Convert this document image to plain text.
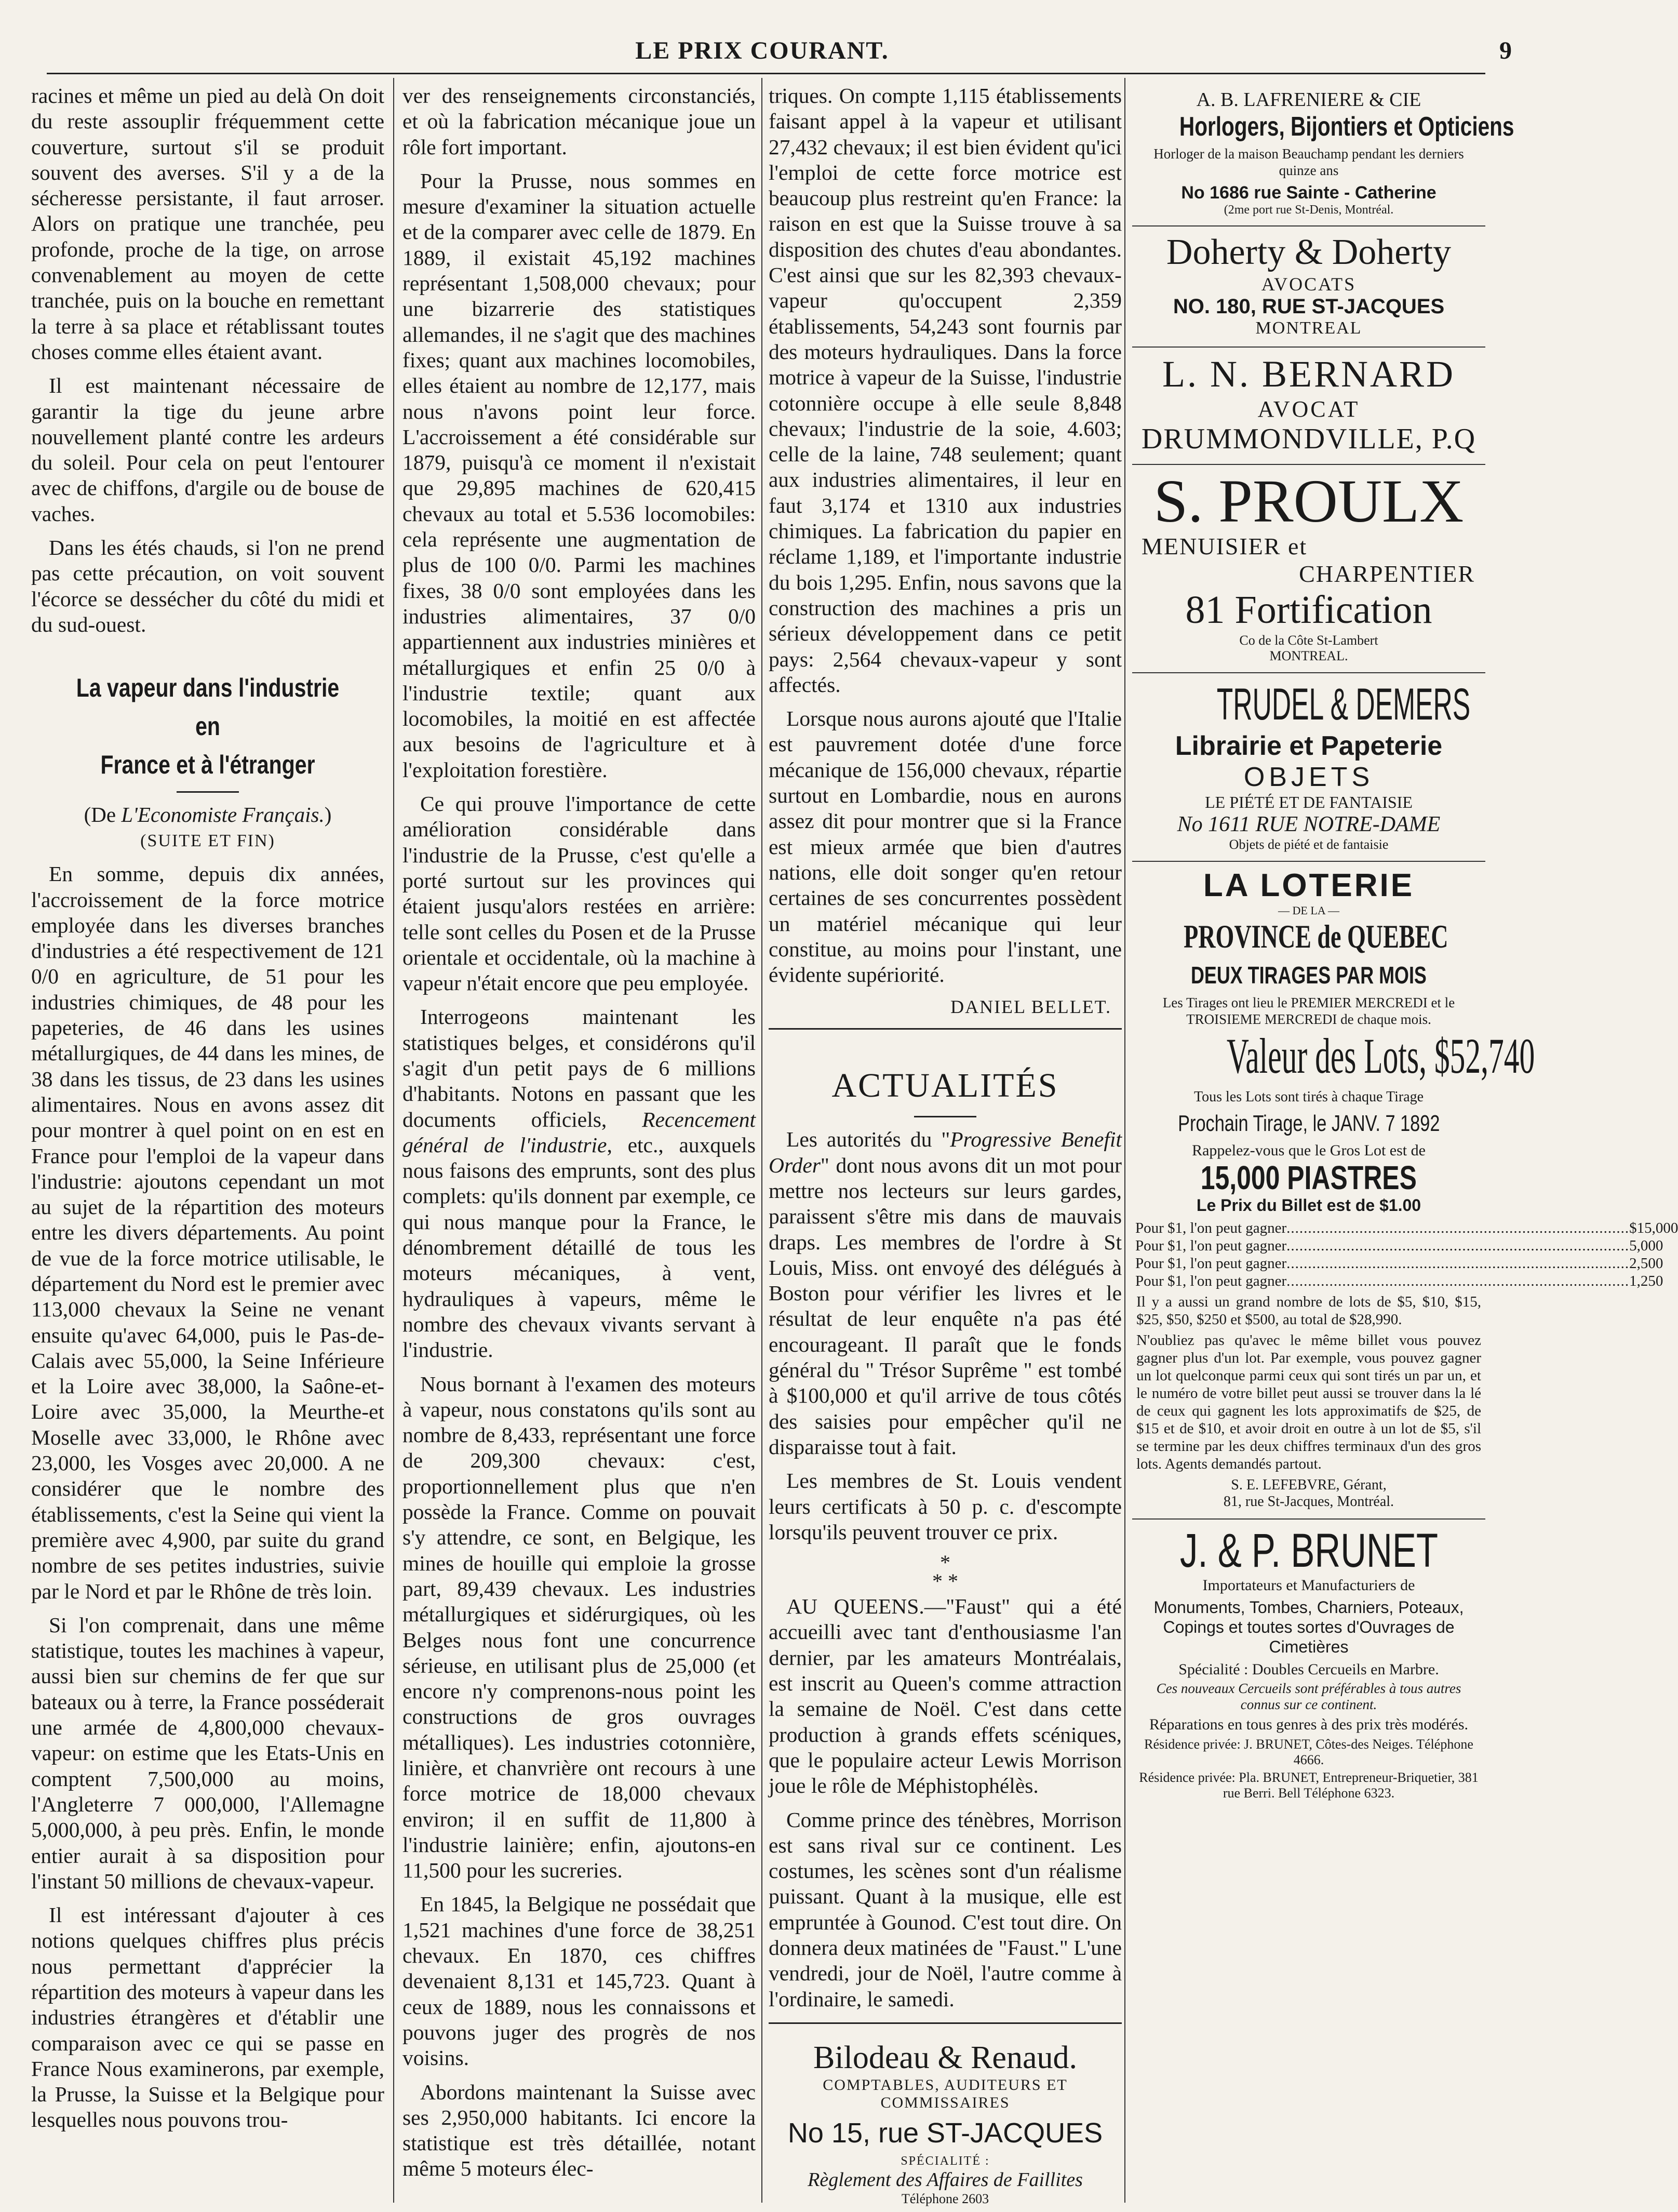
LE PRIX COURANT.	9

racines et même un pied au delà On doit du reste assouplir fréquemment cette couverture, surtout s'il se produit souvent des averses. S'il y a de la sécheresse persistante, il faut arroser. Alors on pratique une tranchée, peu profonde, proche de la tige, on arrose convenablement au moyen de cette tranchée, puis on la bouche en remettant la terre à sa place et rétablissant toutes choses comme elles étaient avant.

Il est maintenant nécessaire de garantir la tige du jeune arbre nouvellement planté contre les ardeurs du soleil. Pour cela on peut l'entourer avec de chiffons, d'argile ou de bouse de vaches.

Dans les étés chauds, si l'on ne prend pas cette précaution, on voit souvent l'écorce se dessécher du côté du midi et du sud-ouest.

La vapeur dans l'industrie en
France et à l'étranger
(De L'Economiste Français.)
(SUITE ET FIN)

En somme, depuis dix années, l'accroissement de la force motrice employée dans les diverses branches d'industries a été respectivement de 121 0/0 en agriculture, de 51 pour les industries chimiques, de 48 pour les papeteries, de 46 dans les usines métallurgiques, de 44 dans les mines, de 38 dans les tissus, de 23 dans les usines alimentaires. Nous en avons assez dit pour montrer à quel point on en est en France pour l'emploi de la vapeur dans l'industrie: ajoutons cependant un mot au sujet de la répartition des moteurs entre les divers départements. Au point de vue de la force motrice utilisable, le département du Nord est le premier avec 113,000 chevaux la Seine ne venant ensuite qu'avec 64,000, puis le Pas-de-Calais avec 55,000, la Seine Inférieure et la Loire avec 38,000, la Saône-et-Loire avec 35,000, la Meurthe-et Moselle avec 33,000, le Rhône avec 23,000, les Vosges avec 20,000. A ne considérer que le nombre des établissements, c'est la Seine qui vient la première avec 4,900, par suite du grand nombre de ses petites industries, suivie par le Nord et par le Rhône de très loin.

Si l'on comprenait, dans une même statistique, toutes les machines à vapeur, aussi bien sur chemins de fer que sur bateaux ou à terre, la France posséderait une armée de 4,800,000 chevaux-vapeur: on estime que les Etats-Unis en comptent 7,500,000 au moins, l'Angleterre 7 000,000, l'Allemagne 5,000,000, à peu près. Enfin, le monde entier aurait à sa disposition pour l'instant 50 millions de chevaux-vapeur.

Il est intéressant d'ajouter à ces notions quelques chiffres plus précis nous permettant d'apprécier la répartition des moteurs à vapeur dans les industries étrangères et d'établir une comparaison avec ce qui se passe en France Nous examinerons, par exemple, la Prusse, la Suisse et la Belgique pour lesquelles nous pouvons trou-

ver des renseignements circonstanciés, et où la fabrication mécanique joue un rôle fort important.

Pour la Prusse, nous sommes en mesure d'examiner la situation actuelle et de la comparer avec celle de 1879. En 1889, il existait 45,192 machines représentant 1,508,000 chevaux; pour une bizarrerie des statistiques allemandes, il ne s'agit que des machines fixes; quant aux machines locomobiles, elles étaient au nombre de 12,177, mais nous n'avons point leur force. L'accroissement a été considérable sur 1879, puisqu'à ce moment il n'existait que 29,895 machines de 620,415 chevaux au total et 5.536 locomobiles: cela représente une augmentation de plus de 100 0/0. Parmi les machines fixes, 38 0/0 sont employées dans les industries alimentaires, 37 0/0 appartiennent aux industries minières et métallurgiques et enfin 25 0/0 à l'industrie textile; quant aux locomobiles, la moitié en est affectée aux besoins de l'agriculture et à l'exploitation forestière.

Ce qui prouve l'importance de cette amélioration considérable dans l'industrie de la Prusse, c'est qu'elle a porté surtout sur les provinces qui étaient jusqu'alors restées en arrière: telle sont celles du Posen et de la Prusse orientale et occidentale, où la machine à vapeur n'était encore que peu employée.

Interrogeons maintenant les statistiques belges, et considérons qu'il s'agit d'un petit pays de 6 millions d'habitants. Notons en passant que les documents officiels, Recencement général de l'industrie, etc., auxquels nous faisons des emprunts, sont des plus complets: qu'ils donnent par exemple, ce qui nous manque pour la France, le dénombrement détaillé de tous les moteurs mécaniques, à vent, hydrauliques à vapeurs, même le nombre des chevaux vivants servant à l'industrie.

Nous bornant à l'examen des moteurs à vapeur, nous constatons qu'ils sont au nombre de 8,433, représentant une force de 209,300 chevaux: c'est, proportionnellement plus que n'en possède la France. Comme on pouvait s'y attendre, ce sont, en Belgique, les mines de houille qui emploie la grosse part, 89,439 chevaux. Les industries métallurgiques et sidérurgiques, où les Belges nous font une concurrence sérieuse, en utilisant plus de 25,000 (et encore n'y comprenons-nous point les constructions de gros ouvrages métalliques). Les industries cotonnière, linière, et chanvrière ont recours à une force motrice de 18,000 chevaux environ; il en suffit de 11,800 à l'industrie lainière; enfin, ajoutons-en 11,500 pour les sucreries.

En 1845, la Belgique ne possédait que 1,521 machines d'une force de 38,251 chevaux. En 1870, ces chiffres devenaient 8,131 et 145,723. Quant à ceux de 1889, nous les connaissons et pouvons juger des progrès de nos voisins.

Abordons maintenant la Suisse avec ses 2,950,000 habitants. Ici encore la statistique est très détaillée, notant même 5 moteurs élec-

triques. On compte 1,115 établissements faisant appel à la vapeur et utilisant 27,432 chevaux; il est bien évident qu'ici l'emploi de cette force motrice est beaucoup plus restreint qu'en France: la raison en est que la Suisse trouve à sa disposition des chutes d'eau abondantes. C'est ainsi que sur les 82,393 chevaux-vapeur qu'occupent 2,359 établissements, 54,243 sont fournis par des moteurs hydrauliques. Dans la force motrice à vapeur de la Suisse, l'industrie cotonnière occupe à elle seule 8,848 chevaux; l'industrie de la soie, 4.603; celle de la laine, 748 seulement; quant aux industries alimentaires, il leur en faut 3,174 et 1310 aux industries chimiques. La fabrication du papier en réclame 1,189, et l'importante industrie du bois 1,295. Enfin, nous savons que la construction des machines a pris un sérieux développement dans ce petit pays: 2,564 chevaux-vapeur y sont affectés.

Lorsque nous aurons ajouté que l'Italie est pauvrement dotée d'une force mécanique de 156,000 chevaux, répartie surtout en Lombardie, nous en aurons assez dit pour montrer que si la France est mieux armée que bien d'autres nations, elle doit songer qu'en retour certaines de ses concurrentes possèdent un matériel mécanique qui leur constitue, au moins pour l'instant, une évidente supériorité.

DANIEL BELLET.
ACTUALITÉS

Les autorités du "Progressive Benefit Order" dont nous avons dit un mot pour mettre nos lecteurs sur leurs gardes, paraissent s'être mis dans de mauvais draps. Les membres de l'ordre à St Louis, Miss. ont envoyé des délégués à Boston pour vérifier les livres et le résultat de leur enquête n'a pas été encourageant. Il paraît que le fonds général du " Trésor Suprême " est tombé à $100,000 et qu'il arrive de tous côtés des saisies pour empêcher qu'il ne disparaisse tout à fait.

Les membres de St. Louis vendent leurs certificats à 50 p. c. d'escompte lorsqu'ils peuvent trouver ce prix.

*
* *

AU QUEENS.—"Faust" qui a été accueilli avec tant d'enthousiasme l'an dernier, par les amateurs Montréalais, est inscrit au Queen's comme attraction la semaine de Noël. C'est dans cette production à grands effets scéniques, que le populaire acteur Lewis Morrison joue le rôle de Méphistophélès.

Comme prince des ténèbres, Morrison est sans rival sur ce continent. Les costumes, les scènes sont d'un réalisme puissant. Quant à la musique, elle est empruntée à Gounod. C'est tout dire. On donnera deux matinées de "Faust." L'une vendredi, jour de Noël, l'autre comme à l'ordinaire, le samedi.

Bilodeau & Renaud.
COMPTABLES, AUDITEURS ET
COMMISSAIRES
No 15, rue ST-JACQUES
SPÉCIALITÉ :
Règlement des Affaires de Faillites
Téléphone 2603
A. B. LAFRENIERE & CIE
Horlogers, Bijontiers et Opticiens
Horloger de la maison Beauchamp pendant les derniers quinze ans
No 1686 rue Sainte - Catherine
(2me port rue St-Denis, Montréal.
Doherty & Doherty
AVOCATS
NO. 180, RUE ST-JACQUES
MONTREAL
L. N. BERNARD
AVOCAT
DRUMMONDVILLE, P.Q
S. PROULX
MENUISIER et
CHARPENTIER
81 Fortification
Co de la Côte St-Lambert
MONTREAL.
TRUDEL & DEMERS
Librairie et Papeterie
OBJETS
LE PIÉTÉ ET DE FANTAISIE
No 1611 RUE NOTRE-DAME
Objets de piété et de fantaisie
LA LOTERIE
— DE LA —
PROVINCE de QUEBEC
DEUX TIRAGES PAR MOIS
Les Tirages ont lieu le PREMIER MERCREDI et le TROISIEME MERCREDI de chaque mois.
Valeur des Lots, $52,740
Tous les Lots sont tirés à chaque Tirage
Prochain Tirage, le JANV. 7 1892
Rappelez-vous que le Gros Lot est de
15,000 PIASTRES
Le Prix du Billet est de $1.00
Pour $1, l'on peut gagner .....	$15,000
Pour $1, l'on peut gagner .....	5,000
Pour $1, l'on peut gagner .....	2,500
Pour $1, l'on peut gagner .....	1,250
Il y a aussi un grand nombre de lots de $5, $10, $15, $25, $50, $250 et $500, au total de $28,990.
N'oubliez pas qu'avec le même billet vous pouvez gagner plus d'un lot. Par exemple, vous pouvez gagner un lot quelconque parmi ceux qui sont tirés un par un, et le numéro de votre billet peut aussi se trouver dans la lé de ceux qui gagnent les lots approximatifs de $25, de $15 et de $10, et avoir droit en outre à un lot de $5, s'il se termine par les deux chiffres terminaux d'un des gros lots. Agents demandés partout.
S. E. LEFEBVRE, Gérant,
81, rue St-Jacques, Montréal.
J. & P. BRUNET
Importateurs et Manufacturiers de
Monuments, Tombes, Charniers, Poteaux, Copings et toutes sortes d'Ouvrages de Cimetières
Spécialité : Doubles Cercueils en Marbre.
Ces nouveaux Cercueils sont préférables à tous autres connus sur ce continent.
Réparations en tous genres à des prix très modérés.
Résidence privée: J. BRUNET, Côtes-des Neiges. Téléphone 4666.
Résidence privée: Pla. BRUNET, Entrepreneur-Briquetier, 381 rue Berri. Bell Téléphone 6323.
